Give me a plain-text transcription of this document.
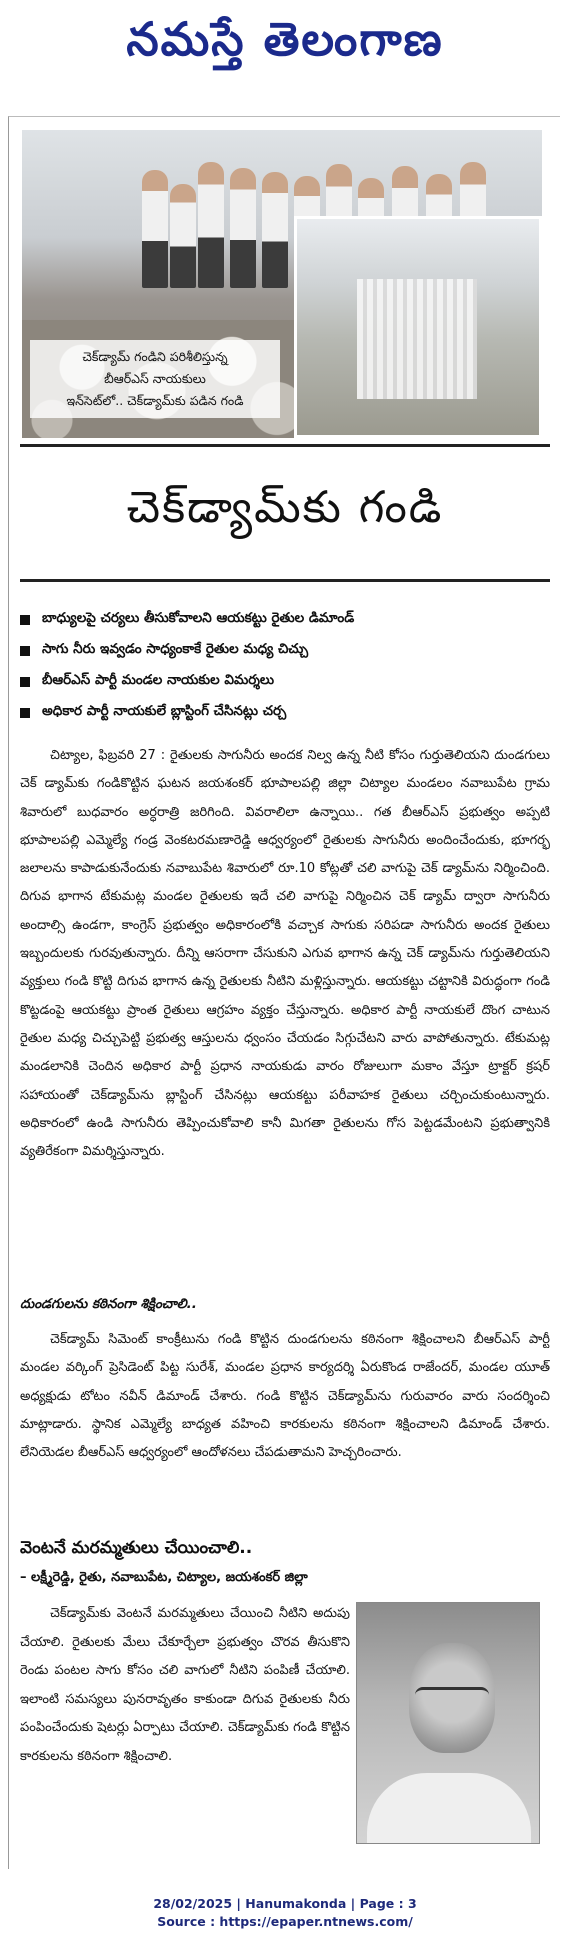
నమస్తే తెలంగాణ
చెక్‌డ్యామ్ గండిని పరిశీలిస్తున్న
బీఆర్ఎస్ నాయకులు
ఇన్‌సెట్‌లో.. చెక్‌డ్యామ్‌కు పడిన గండి
చెక్‌డ్యామ్‌కు గండి
బాధ్యులపై చర్యలు తీసుకోవాలని ఆయకట్టు రైతుల డిమాండ్
సాగు నీరు ఇవ్వడం సాధ్యంకాకే రైతుల మధ్య చిచ్చు
బీఆర్ఎస్ పార్టీ మండల నాయకుల విమర్శలు
అధికార పార్టీ నాయకులే బ్లాస్టింగ్ చేసినట్లు చర్చ

చిట్యాల, ఫిబ్రవరి 27 : రైతులకు సాగునీరు అందక నిల్వ ఉన్న నీటి కోసం గుర్తుతెలియని దుండగులు చెక్ డ్యామ్‌కు గండికొట్టిన ఘటన జయశంకర్ భూపాలపల్లి జిల్లా చిట్యాల మండలం నవాబుపేట గ్రామ శివారులో బుధవారం అర్ధరాత్రి జరిగింది. వివరాలిలా ఉన్నాయి.. గత బీఆర్ఎస్ ప్రభుత్వం అప్పటి భూపాలపల్లి ఎమ్మెల్యే గండ్ర వెంకటరమణారెడ్డి ఆధ్వర్యంలో రైతులకు సాగునీరు అందించేందుకు, భూగర్భ జలాలను కాపాడుకునేందుకు నవాబుపేట శివారులో రూ.10 కోట్లతో చలి వాగుపై చెక్ డ్యామ్‌ను నిర్మించింది. దిగువ భాగాన టేకుమట్ల మండల రైతులకు ఇదే చలి వాగుపై నిర్మించిన చెక్ డ్యామ్ ద్వారా సాగునీరు అందాల్సి ఉండగా, కాంగ్రెస్ ప్రభుత్వం అధికారంలోకి వచ్చాక సాగుకు సరిపడా సాగునీరు అందక రైతులు ఇబ్బందులకు గురవుతున్నారు. దీన్ని ఆసరాగా చేసుకుని ఎగువ భాగాన ఉన్న చెక్ డ్యామ్‌ను గుర్తుతెలియని వ్యక్తులు గండి కొట్టి దిగువ భాగాన ఉన్న రైతులకు నీటిని మళ్లిస్తున్నారు. ఆయకట్టు చట్టానికి విరుద్ధంగా గండి కొట్టడంపై ఆయకట్టు ప్రాంత రైతులు ఆగ్రహం వ్యక్తం చేస్తున్నారు. అధికార పార్టీ నాయకులే దొంగ చాటున రైతుల మధ్య చిచ్చుపెట్టి ప్రభుత్వ ఆస్తులను ధ్వంసం చేయడం సిగ్గుచేటని వారు వాపోతున్నారు. టేకుమట్ల మండలానికి చెందిన అధికార పార్టీ ప్రధాన నాయకుడు వారం రోజులుగా మకాం వేస్తూ ట్రాక్టర్ క్రషర్ సహాయంతో చెక్‌డ్యామ్‌ను బ్లాస్టింగ్ చేసినట్లు ఆయకట్టు పరీవాహక రైతులు చర్చించుకుంటున్నారు. అధికారంలో ఉండి సాగునీరు తెప్పించుకోవాలి కానీ మిగతా రైతులను గోస పెట్టడమేంటని ప్రభుత్వానికి వ్యతిరేకంగా విమర్శిస్తున్నారు.

దుండగులను కఠినంగా శిక్షించాలి..

చెక్‌డ్యామ్ సిమెంట్ కాంక్రీటును గండి కొట్టిన దుండగులను కఠినంగా శిక్షించాలని బీఆర్ఎస్ పార్టీ మండల వర్కింగ్ ప్రెసిడెంట్ పిట్ట సురేశ్, మండల ప్రధాన కార్యదర్శి ఏరుకొండ రాజేందర్, మండల యూత్ అధ్యక్షుడు టోటం నవీన్ డిమాండ్ చేశారు. గండి కొట్టిన చెక్‌డ్యామ్‌ను గురువారం వారు సందర్శించి మాట్లాడారు. స్థానిక ఎమ్మెల్యే బాధ్యత వహించి కారకులను కఠినంగా శిక్షించాలని డిమాండ్ చేశారు. లేనియెడల బీఆర్ఎస్ ఆధ్వర్యంలో ఆందోళనలు చేపడుతామని హెచ్చరించారు.

వెంటనే మరమ్మతులు చేయించాలి..
– లక్ష్మీరెడ్డి, రైతు, నవాబుపేట, చిట్యాల, జయశంకర్ జిల్లా

చెక్‌డ్యామ్‌కు వెంటనే మరమ్మతులు చేయించి నీటిని అదుపు చేయాలి. రైతులకు మేలు చేకూర్చేలా ప్రభుత్వం చొరవ తీసుకొని రెండు పంటల సాగు కోసం చలి వాగులో నీటిని పంపిణీ చేయాలి. ఇలాంటి సమస్యలు పునరావృతం కాకుండా దిగువ రైతులకు నీరు పంపించేందుకు షెటర్లు ఏర్పాటు చేయాలి. చెక్‌డ్యామ్‌కు గండి కొట్టిన కారకులను కఠినంగా శిక్షించాలి.

28/02/2025 | Hanumakonda | Page : 3
Source : https://epaper.ntnews.com/
